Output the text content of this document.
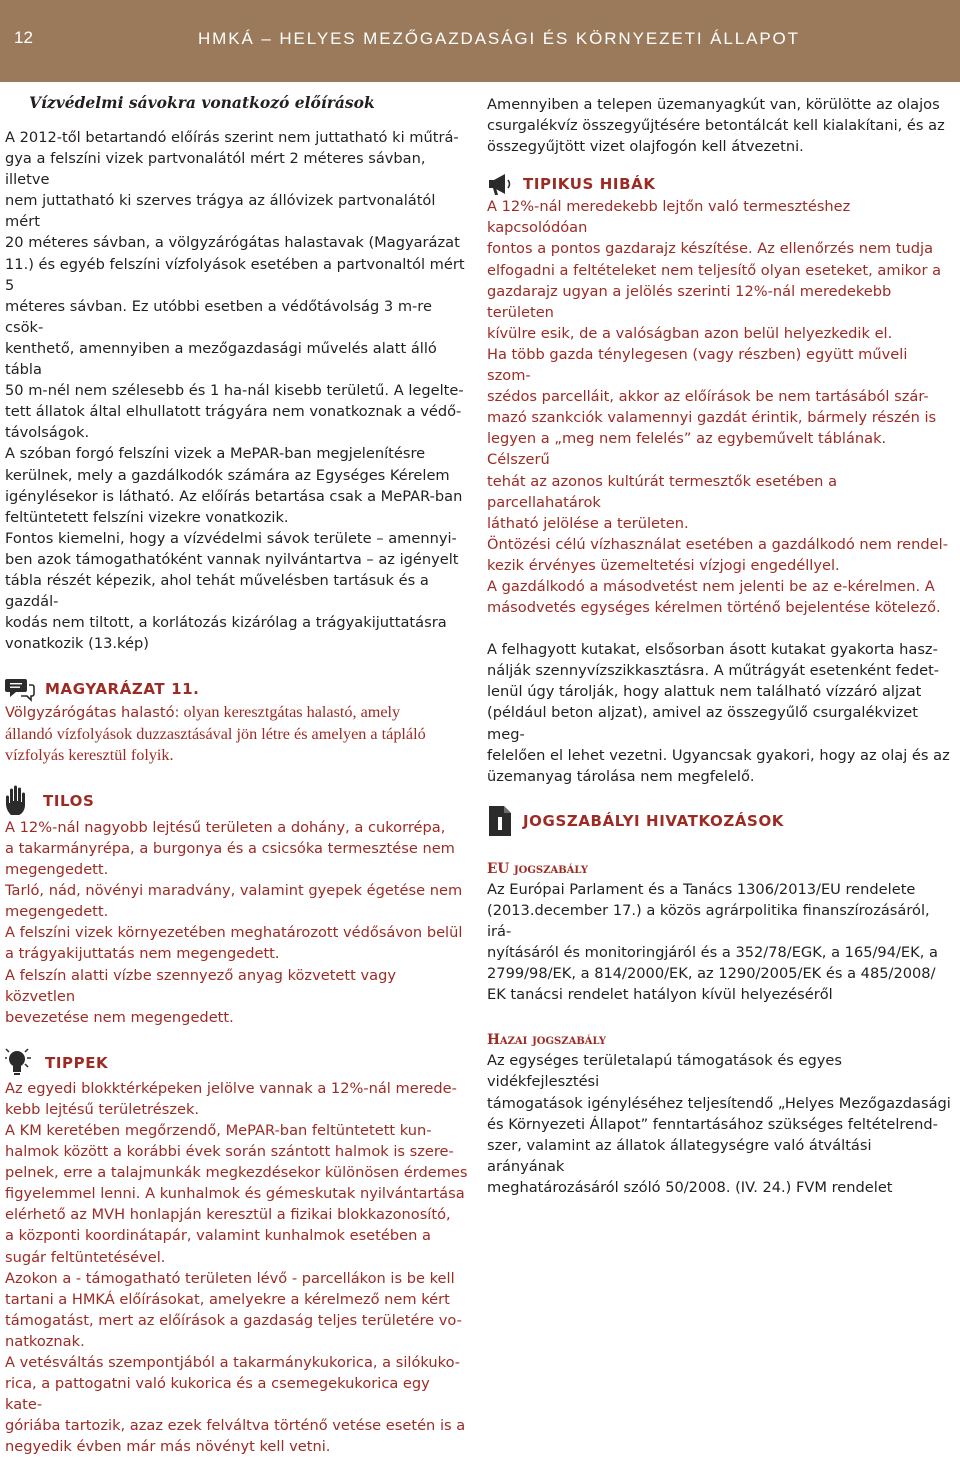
12	HMKÁ – HELYES MEZŐGAZDASÁGI ÉS KÖRNYEZETI ÁLLAPOT
Vízvédelmi sávokra vonatkozó előírások

A 2012-től betartandó előírás szerint nem juttatható ki műtrá-

gya a felszíni vizek partvonalától mért 2 méteres sávban, illetve

nem juttatható ki szerves trágya az állóvizek partvonalától mért

20 méteres sávban, a völgyzárógátas halastavak (Magyarázat

11.) és egyéb felszíni vízfolyások esetében a partvonaltól mért 5

méteres sávban. Ez utóbbi esetben a védőtávolság 3 m-re csök-

kenthető, amennyiben a mezőgazdasági művelés alatt álló tábla

50 m-nél nem szélesebb és 1 ha-nál kisebb területű. A legelte-

tett állatok által elhullatott trágyára nem vonatkoznak a védő-

távolságok.

A szóban forgó felszíni vizek a MePAR-ban megjelenítésre

kerülnek, mely a gazdálkodók számára az Egységes Kérelem

igénylésekor is látható. Az előírás betartása csak a MePAR-ban

feltüntetett felszíni vizekre vonatkozik.

Fontos kiemelni, hogy a vízvédelmi sávok területe – amennyi-

ben azok támogathatóként vannak nyilvántartva – az igényelt

tábla részét képezik, ahol tehát művelésben tartásuk és a gazdál-

kodás nem tiltott, a korlátozás kizárólag a trágyakijuttatásra

vonatkozik (13.kép)

MAGYARÁZAT 11.
Völgyzárógátas halastó: olyan keresztgátas halastó, amely
állandó vízfolyások duzzasztásával jön létre és amelyen a tápláló
vízfolyás keresztül folyik.
TILOS

A 12%-nál nagyobb lejtésű területen a dohány, a cukorrépa,

a takarmányrépa, a burgonya és a csicsóka termesztése nem

megengedett.

Tarló, nád, növényi maradvány, valamint gyepek égetése nem

megengedett.

A felszíni vizek környezetében meghatározott védősávon belül

a trágyakijuttatás nem megengedett.

A felszín alatti vízbe szennyező anyag közvetett vagy közvetlen

bevezetése nem megengedett.

TIPPEK

Az egyedi blokktérképeken jelölve vannak a 12%-nál merede-

kebb lejtésű területrészek.

A KM keretében megőrzendő, MePAR-ban feltüntetett kun-

halmok között a korábbi évek során szántott halmok is szere-

pelnek, erre a talajmunkák megkezdésekor különösen érdemes

figyelemmel lenni. A kunhalmok és gémeskutak nyilvántartása

elérhető az MVH honlapján keresztül a fizikai blokkazonosító,

a központi koordinátapár, valamint kunhalmok esetében a

sugár feltüntetésével.

Azokon a - támogatható területen lévő - parcellákon is be kell

tartani a HMKÁ előírásokat, amelyekre a kérelmező nem kért

támogatást, mert az előírások a gazdaság teljes területére vo-

natkoznak.

A vetésváltás szempontjából a takarmánykukorica, a silókuko-

rica, a pattogatni való kukorica és a csemegekukorica egy kate-

góriába tartozik, azaz ezek felváltva történő vetése esetén is a

negyedik évben már más növényt kell vetni.

Amennyiben a telepen üzemanyagkút van, körülötte az olajos

csurgalékvíz összegyűjtésére betontálcát kell kialakítani, és az

összegyűjtött vizet olajfogón kell átvezetni.

TIPIKUS HIBÁK

A 12%-nál meredekebb lejtőn való termesztéshez kapcsolódóan

fontos a pontos gazdarajz készítése. Az ellenőrzés nem tudja

elfogadni a feltételeket nem teljesítő olyan eseteket, amikor a

gazdarajz ugyan a jelölés szerinti 12%-nál meredekebb területen

kívülre esik, de a valóságban azon belül helyezkedik el.

Ha több gazda ténylegesen (vagy részben) együtt műveli szom-

szédos parcelláit, akkor az előírások be nem tartásából szár-

mazó szankciók valamennyi gazdát érintik, bármely részén is

legyen a „meg nem felelés” az egybeművelt táblának. Célszerű

tehát az azonos kultúrát termesztők esetében a parcellahatárok

látható jelölése a területen.

Öntözési célú vízhasználat esetében a gazdálkodó nem rendel-

kezik érvényes üzemeltetési vízjogi engedéllyel.

A gazdálkodó a másodvetést nem jelenti be az e-kérelmen. A

másodvetés egységes kérelmen történő bejelentése kötelező.

A felhagyott kutakat, elsősorban ásott kutakat gyakorta hasz-

nálják szennyvízszikkasztásra. A műtrágyát esetenként fedet-

lenül úgy tárolják, hogy alattuk nem található vízzáró aljzat

(például beton aljzat), amivel az összegyűlő csurgalékvizet meg-

felelően el lehet vezetni. Ugyancsak gyakori, hogy az olaj és az

üzemanyag tárolása nem megfelelő.

JOGSZABÁLYI HIVATKOZÁSOK
EU jogszabály

Az Európai Parlament és a Tanács 1306/2013/EU rendelete

(2013.december 17.) a közös agrárpolitika finanszírozásáról, irá-

nyításáról és monitoringjáról és a 352/78/EGK, a 165/94/EK, a

2799/98/EK, a 814/2000/EK, az 1290/2005/EK és a 485/2008/

EK tanácsi rendelet hatályon kívül helyezéséről

Hazai jogszabály

Az egységes területalapú támogatások és egyes vidékfejlesztési

támogatások igényléséhez teljesítendő „Helyes Mezőgazdasági

és Környezeti Állapot” fenntartásához szükséges feltételrend-

szer, valamint az állatok állategységre való átváltási arányának

meghatározásáról szóló 50/2008. (IV. 24.) FVM rendelet
